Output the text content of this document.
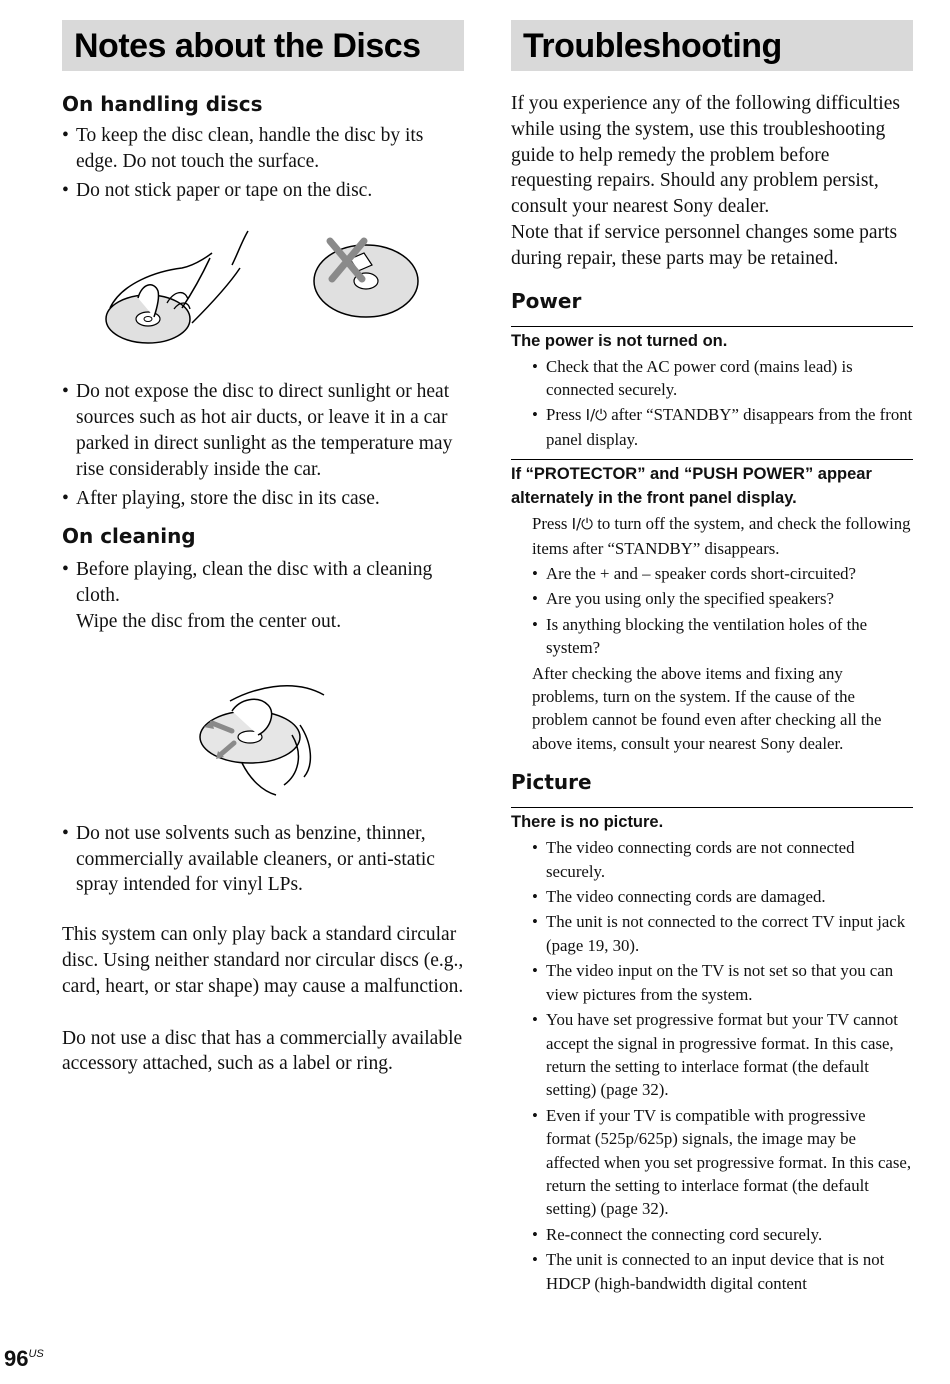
Notes about the Discs
On handling discs
• To keep the disc clean, handle the disc by its edge. Do not touch the surface.
• Do not stick paper or tape on the disc.
• Do not expose the disc to direct sunlight or heat sources such as hot air ducts, or leave it in a car parked in direct sunlight as the temperature may rise considerably inside the car.
• After playing, store the disc in its case.
On cleaning
• Before playing, clean the disc with a cleaning cloth.
Wipe the disc from the center out.
• Do not use solvents such as benzine, thinner, commercially available cleaners, or anti-static spray intended for vinyl LPs.

This system can only play back a standard circular disc. Using neither standard nor circular discs (e.g., card, heart, or star shape) may cause a malfunction.

Do not use a disc that has a commercially available accessory attached, such as a label or ring.

Troubleshooting

If you experience any of the following difficulties while using the system, use this troubleshooting guide to help remedy the problem before requesting repairs. Should any problem persist, consult your nearest Sony dealer.

Note that if service personnel changes some parts during repair, these parts may be retained.

Power
The power is not turned on.
• Check that the AC power cord (mains lead) is connected securely.
• Press I/⏻ after “STANDBY” disappears from the front panel display.
If “PROTECTOR” and “PUSH POWER” appear alternately in the front panel display.

Press I/⏻ to turn off the system, and check the following items after “STANDBY” disappears.

• Are the + and – speaker cords short-circuited?
• Are you using only the specified speakers?
• Is anything blocking the ventilation holes of the system?

After checking the above items and fixing any problems, turn on the system. If the cause of the problem cannot be found even after checking all the above items, consult your nearest Sony dealer.

Picture
There is no picture.
• The video connecting cords are not connected securely.
• The video connecting cords are damaged.
• The unit is not connected to the correct TV input jack (page 19, 30).
• The video input on the TV is not set so that you can view pictures from the system.
• You have set progressive format but your TV cannot accept the signal in progressive format. In this case, return the setting to interlace format (the default setting) (page 32).
• Even if your TV is compatible with progressive format (525p/625p) signals, the image may be affected when you set progressive format. In this case, return the setting to interlace format (the default setting) (page 32).
• Re-connect the connecting cord securely.
• The unit is connected to an input device that is not HDCP (high-bandwidth digital content
$96^{US}$
